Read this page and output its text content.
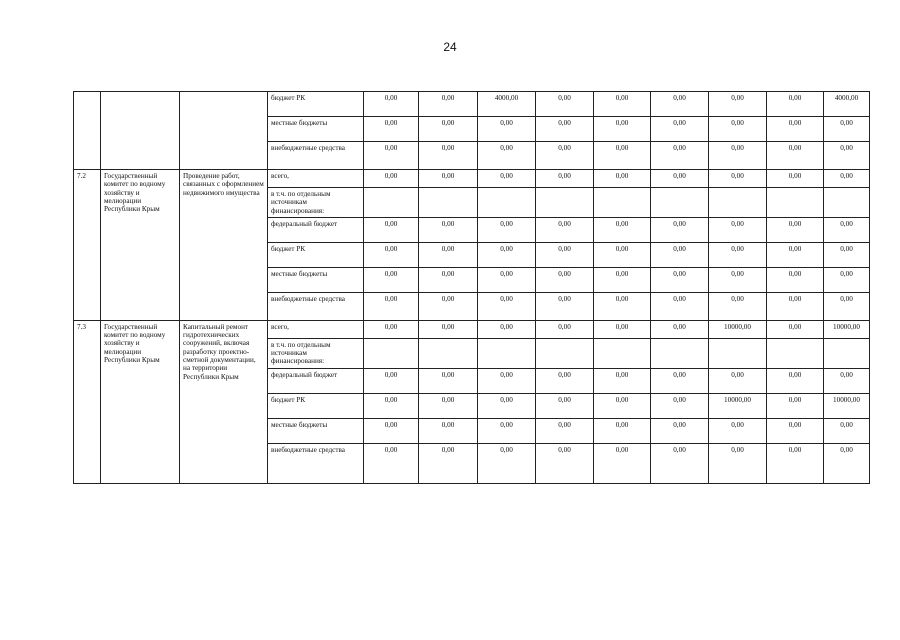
24
			бюджет РК	0,00	0,00	4000,00	0,00	0,00	0,00	0,00	0,00	4000,00
			местные бюджеты	0,00	0,00	0,00	0,00	0,00	0,00	0,00	0,00	0,00
			внебюджетные средства	0,00	0,00	0,00	0,00	0,00	0,00	0,00	0,00	0,00
7.2	Государственный комитет по водному хозяйству и мелиорации Республики Крым	Проведение работ, связанных с оформлением недвижимого имущества	всего,	0,00	0,00	0,00	0,00	0,00	0,00	0,00	0,00	0,00
			в т.ч. по отдельным источникам финансирования:									
			федеральный бюджет	0,00	0,00	0,00	0,00	0,00	0,00	0,00	0,00	0,00
			бюджет РК	0,00	0,00	0,00	0,00	0,00	0,00	0,00	0,00	0,00
			местные бюджеты	0,00	0,00	0,00	0,00	0,00	0,00	0,00	0,00	0,00
			внебюджетные средства	0,00	0,00	0,00	0,00	0,00	0,00	0,00	0,00	0,00
7.3	Государственный комитет по водному хозяйству и мелиорации Республики Крым	Капитальный ремонт гидротехнических сооружений, включая разработку проектно-сметной документации, на территории Республики Крым	всего,	0,00	0,00	0,00	0,00	0,00	0,00	10000,00	0,00	10000,00
			в т.ч. по отдельным источникам финансирования:									
			федеральный бюджет	0,00	0,00	0,00	0,00	0,00	0,00	0,00	0,00	0,00
			бюджет РК	0,00	0,00	0,00	0,00	0,00	0,00	10000,00	0,00	10000,00
			местные бюджеты	0,00	0,00	0,00	0,00	0,00	0,00	0,00	0,00	0,00
			внебюджетные средства	0,00	0,00	0,00	0,00	0,00	0,00	0,00	0,00	0,00
